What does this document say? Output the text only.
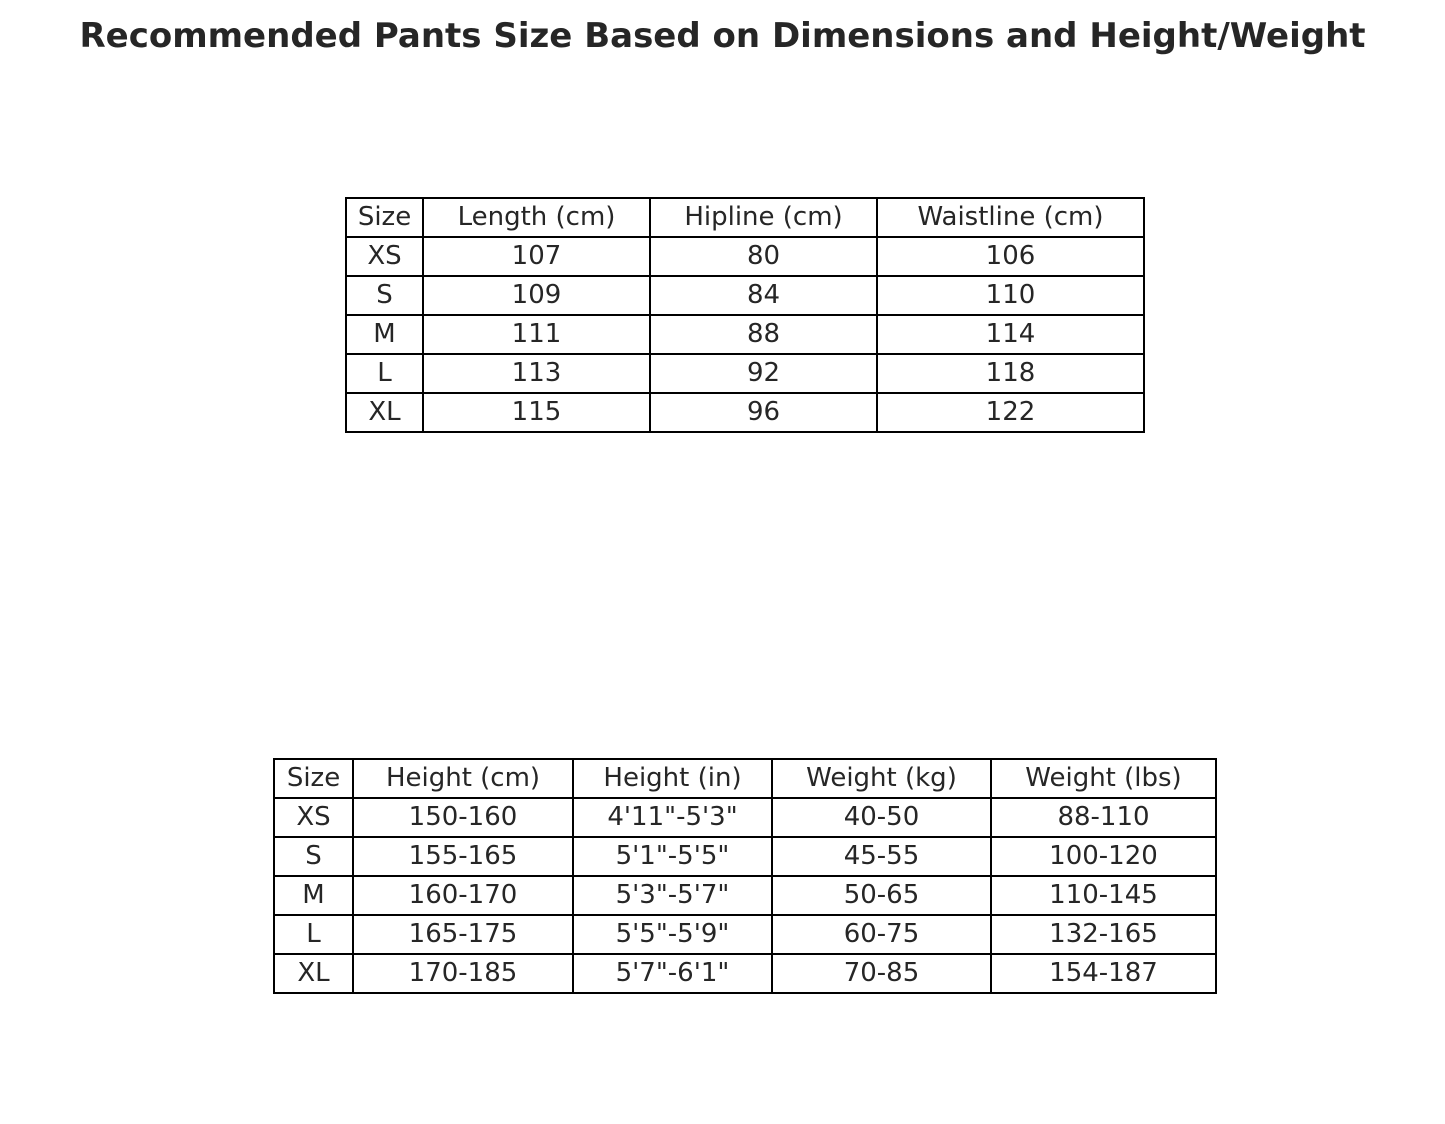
Recommended Pants Size Based on Dimensions and Height/Weight
Size	Length (cm)	Hipline (cm)	Waistline (cm)
XS	107	80	106
S	109	84	110
M	111	88	114
L	113	92	118
XL	115	96	122
Size	Height (cm)	Height (in)	Weight (kg)	Weight (lbs)
XS	150-160	4'11"-5'3"	40-50	88-110
S	155-165	5'1"-5'5"	45-55	100-120
M	160-170	5'3"-5'7"	50-65	110-145
L	165-175	5'5"-5'9"	60-75	132-165
XL	170-185	5'7"-6'1"	70-85	154-187
